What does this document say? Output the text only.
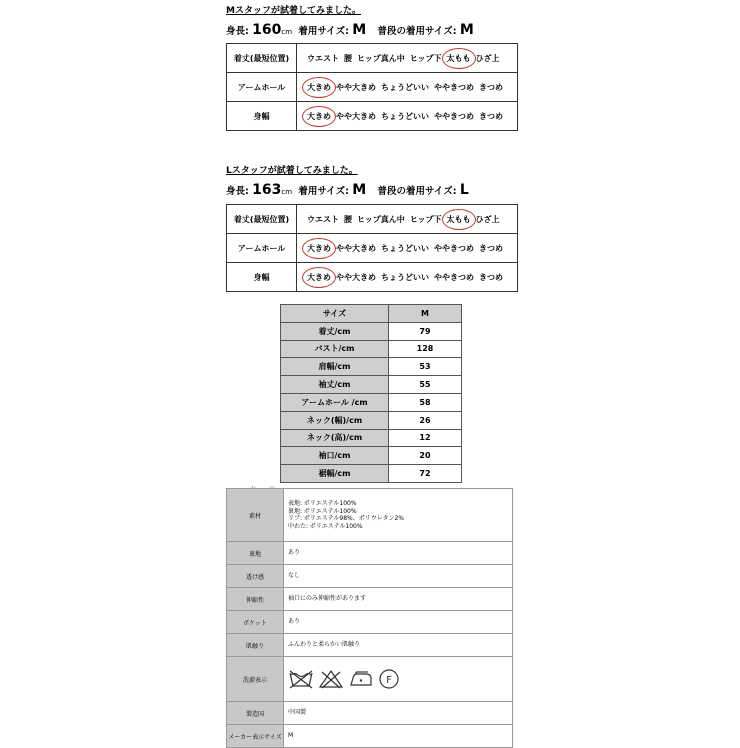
Mスタッフが試着してみました。
身長: 160cm 着用サイズ: M 普段の着用サイズ: M
着丈(最短位置)	ウエスト 腰 ヒップ真ん中 ヒップ下 太もも ひざ上
アームホール	大きめ やや大きめ ちょうどいい ややきつめ きつめ
身幅	大きめ やや大きめ ちょうどいい ややきつめ きつめ
Lスタッフが試着してみました。
身長: 163cm 着用サイズ: M 普段の着用サイズ: L
着丈(最短位置)	ウエスト 腰 ヒップ真ん中 ヒップ下 太もも ひざ上
アームホール	大きめ やや大きめ ちょうどいい ややきつめ きつめ
身幅	大きめ やや大きめ ちょうどいい ややきつめ きつめ
サイズ	M
着丈/cm	79
バスト/cm	128
肩幅/cm	53
袖丈/cm	55
アームホール /cm	58
ネック(幅)/cm	26
ネック(高)/cm	12
袖口/cm	20
裾幅/cm	72
素材	表地: ポリエステル100%
裏地: ポリエステル100%
リブ: ポリエステル98%、ポリウレタン2%
中わた: ポリエステル100%

裏地	あり

透け感	なし

伸縮性	袖口にのみ伸縮性があります

ポケット	あり

肌触り	ふんわりと柔らかい肌触り

洗濯表示	F

製造国	中国製

メーカー表示サイズ	M
